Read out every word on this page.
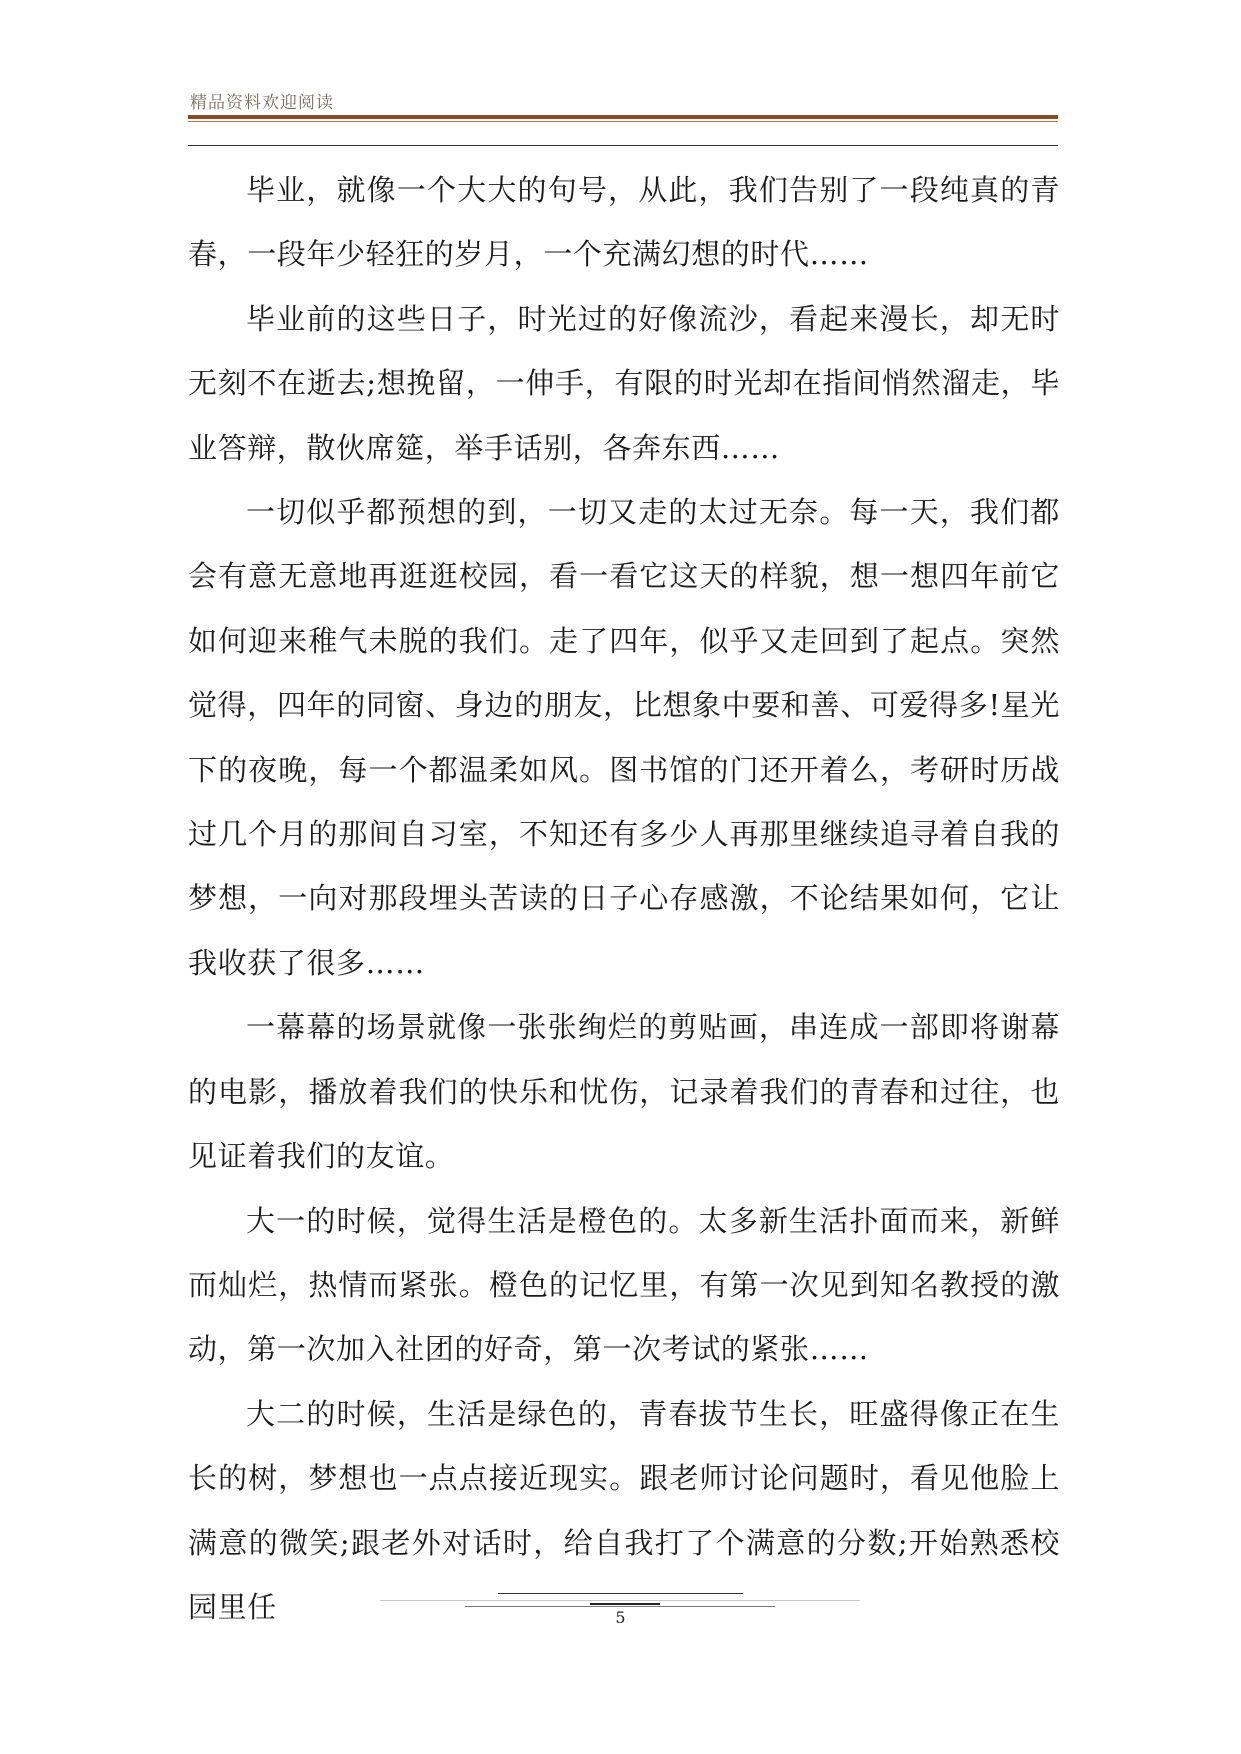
精品资料欢迎阅读

毕业，就像一个大大的句号，从此，我们告别了一段纯真的青春，一段年少轻狂的岁月，一个充满幻想的时代……

毕业前的这些日子，时光过的好像流沙，看起来漫长，却无时无刻不在逝去;想挽留，一伸手，有限的时光却在指间悄然溜走，毕业答辩，散伙席筵，举手话别，各奔东西……

一切似乎都预想的到，一切又走的太过无奈。每一天，我们都会有意无意地再逛逛校园，看一看它这天的样貌，想一想四年前它如何迎来稚气未脱的我们。走了四年，似乎又走回到了起点。突然觉得，四年的同窗、身边的朋友，比想象中要和善、可爱得多!星光下的夜晚，每一个都温柔如风。图书馆的门还开着么，考研时历战过几个月的那间自习室，不知还有多少人再那里继续追寻着自我的梦想，一向对那段埋头苦读的日子心存感激，不论结果如何，它让我收获了很多……

一幕幕的场景就像一张张绚烂的剪贴画，串连成一部即将谢幕的电影，播放着我们的快乐和忧伤，记录着我们的青春和过往，也见证着我们的友谊。

大一的时候，觉得生活是橙色的。太多新生活扑面而来，新鲜而灿烂，热情而紧张。橙色的记忆里，有第一次见到知名教授的激动，第一次加入社团的好奇，第一次考试的紧张……

大二的时候，生活是绿色的，青春拔节生长，旺盛得像正在生长的树，梦想也一点点接近现实。跟老师讨论问题时，看见他脸上满意的微笑;跟老外对话时，给自我打了个满意的分数;开始熟悉校园里任	5
